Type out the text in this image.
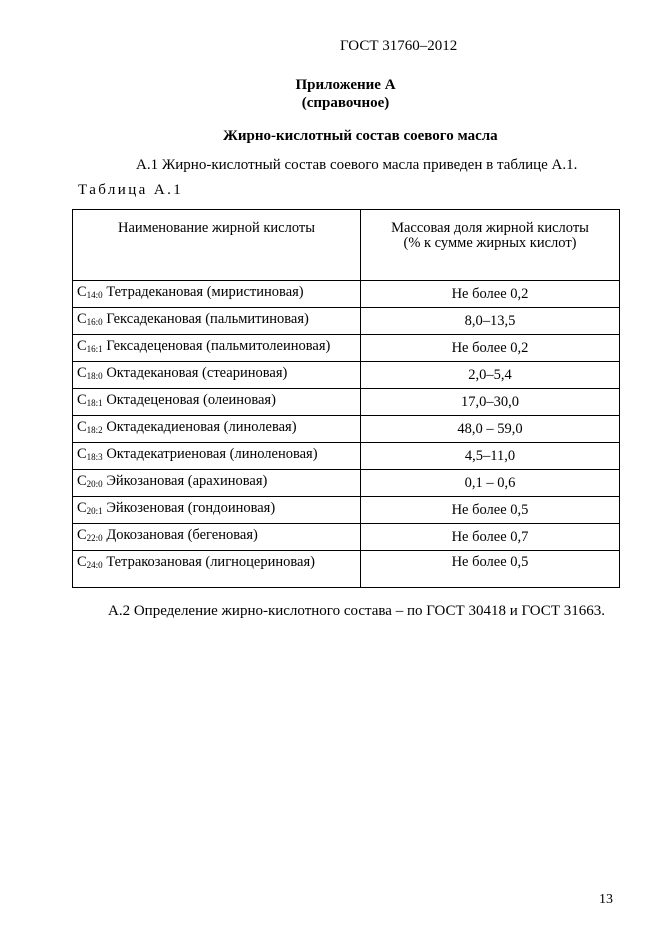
ГОСТ 31760–2012
Приложение А
(справочное)
Жирно-кислотный состав соевого масла
А.1 Жирно-кислотный состав соевого масла приведен в таблице А.1.
Таблица А.1
Наименование жирной кислоты	Массовая доля жирной кислоты
(% к сумме жирных кислот)

$C_{14:0}$ Тетрадекановая (миристиновая)	Не более 0,2
$C_{16:0}$ Гексадекановая (пальмитиновая)	8,0–13,5
$C_{16:1}$ Гексадеценовая (пальмитолеиновая)	Не более 0,2
$C_{18:0}$ Октадекановая (стеариновая)	2,0–5,4
$C_{18:1}$ Октадеценовая (олеиновая)	17,0–30,0
$C_{18:2}$ Октадекадиеновая (линолевая)	48,0 – 59,0
$C_{18:3}$ Октадекатриеновая (линоленовая)	4,5–11,0
$C_{20:0}$ Эйкозановая (арахиновая)	0,1 – 0,6
$C_{20:1}$ Эйкозеновая (гондоиновая)	Не более 0,5
$C_{22:0}$ Докозановая (бегеновая)	Не более 0,7
$C_{24:0}$ Тетракозановая (лигноцериновая)	Не более 0,5
А.2 Определение жирно-кислотного состава – по ГОСТ 30418 и ГОСТ 31663.
13
